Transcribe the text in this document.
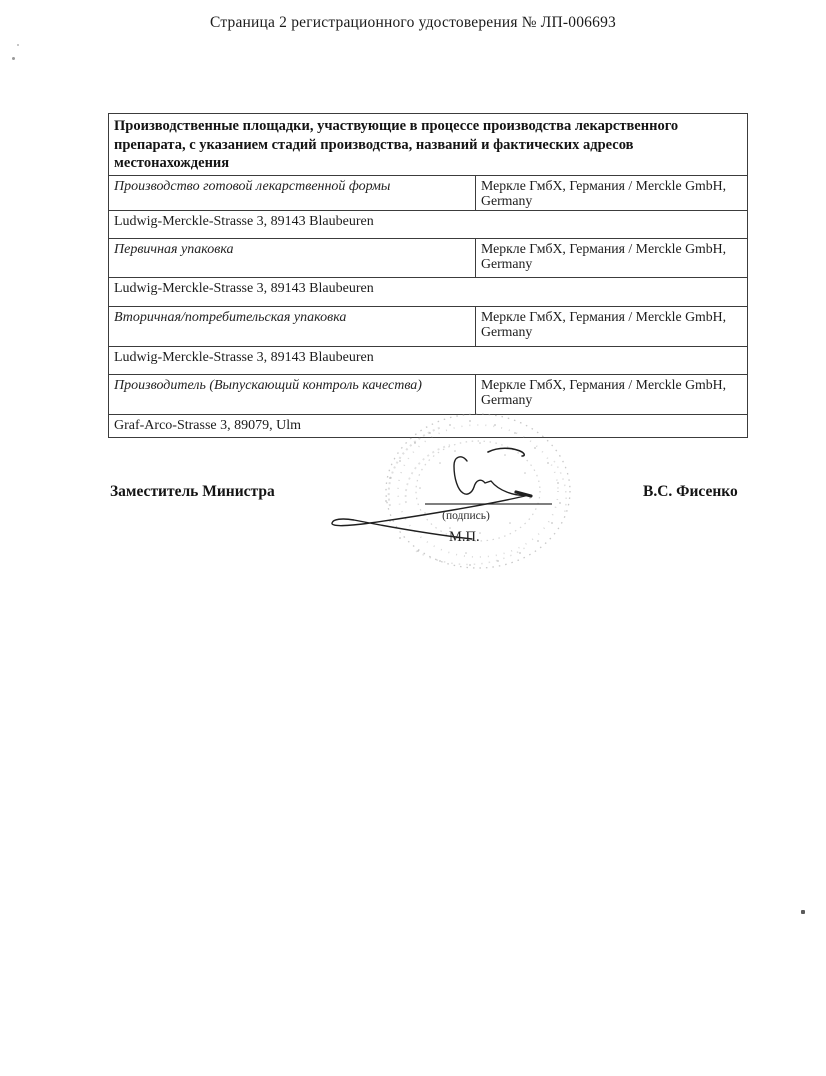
Страница 2 регистрационного удостоверения № ЛП-006693
Производственные площадки, участвующие в процессе производства лекарственного препарата, с указанием стадий производства, названий и фактических адресов местонахождения	
Производство готовой лекарственной формы	Меркле ГмбХ, Германия / Merckle GmbH, Germany
Ludwig-Merckle-Strasse 3, 89143 Blaubeuren	
Первичная упаковка	Меркле ГмбХ, Германия / Merckle GmbH, Germany
Ludwig-Merckle-Strasse 3, 89143 Blaubeuren	
Вторичная/потребительская упаковка	Меркле ГмбХ, Германия / Merckle GmbH, Germany
Ludwig-Merckle-Strasse 3, 89143 Blaubeuren	
Производитель (Выпускающий контроль качества)	Меркле ГмбХ, Германия / Merckle GmbH, Germany
Graf-Arco-Strasse 3, 89079, Ulm	
Заместитель Министра	В.С. Фисенко
(подпись)
М.П.
